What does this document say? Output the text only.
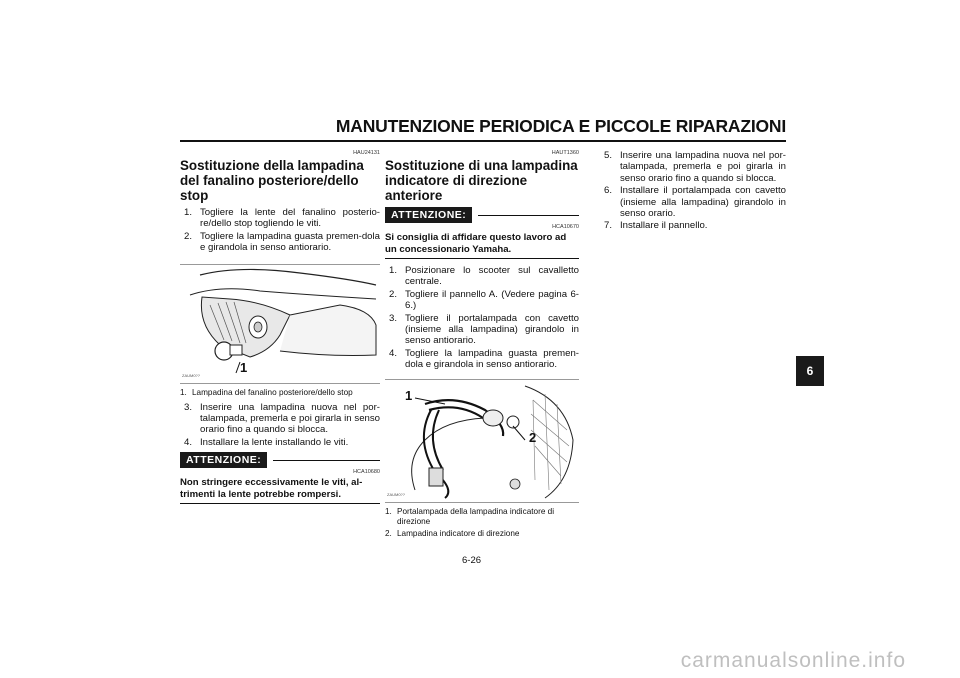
MANUTENZIONE PERIODICA E PICCOLE RIPARAZIONI
6
HAU24131
Sostituzione della lampadina del fanalino posteriore/dello stop
1. Togliere la lente del fanalino posterio-re/dello stop togliendo le viti.
2. Togliere la lampadina guasta premen-dola e girandola in senso antiorario.
1
ZAUM0??
1. Lampadina del fanalino posteriore/dello stop
3. Inserire una lampadina nuova nel por-talampada, premerla e poi girarla in senso orario fino a quando si blocca.
4. Installare la lente installando le viti.
ATTENZIONE:
HCA10680
Non stringere eccessivamente le viti, al-trimenti la lente potrebbe rompersi.
HAUT1360
Sostituzione di una lampadina indicatore di direzione anteriore
ATTENZIONE:
HCA10670
Si consiglia di affidare questo lavoro ad un concessionario Yamaha.
1. Posizionare lo scooter sul cavalletto centrale.
2. Togliere il pannello A. (Vedere pagina 6-6.)
3. Togliere il portalampada con cavetto (insieme alla lampadina) girandolo in senso antiorario.
4. Togliere la lampadina guasta premen-dola e girandola in senso antiorario.
1
2
ZAUM0??
1. Portalampada della lampadina indicatore di direzione
2. Lampadina indicatore di direzione
5. Inserire una lampadina nuova nel por-talampada, premerla e poi girarla in senso orario fino a quando si blocca.
6. Installare il portalampada con cavetto (insieme alla lampadina) girandolo in senso orario.
7. Installare il pannello.
6-26
carmanualsonline.info
